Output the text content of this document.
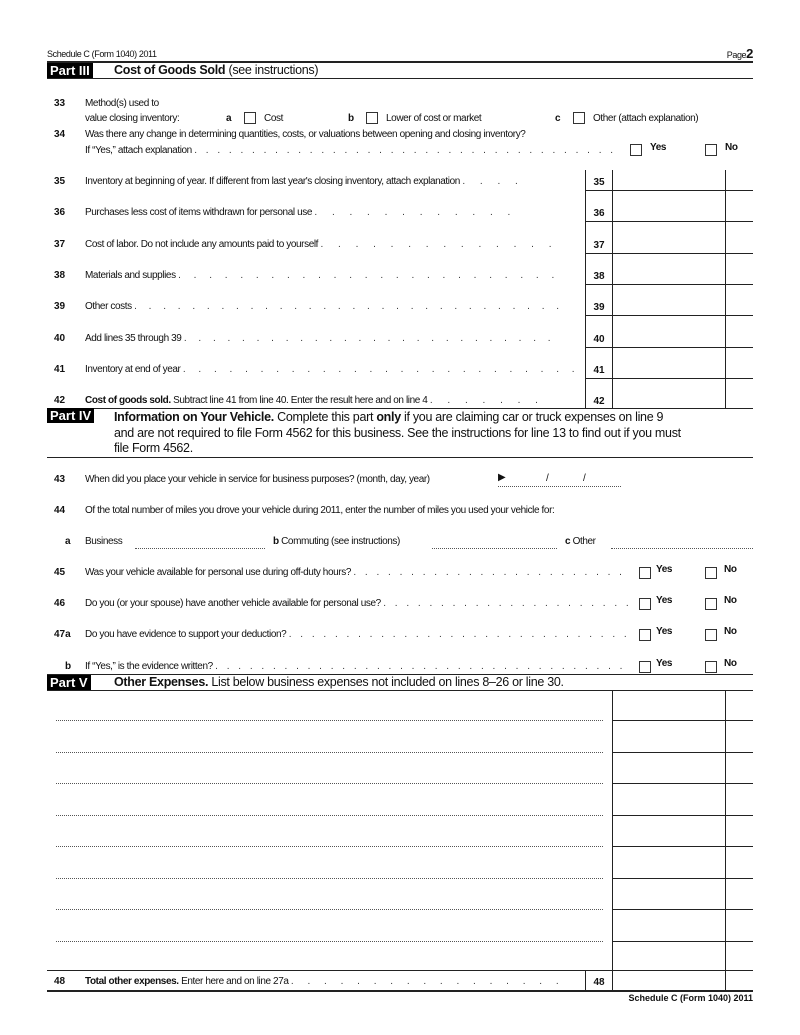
Schedule C (Form 1040) 2011	Page2
Part III Cost of Goods Sold (see instructions)
33 Method(s) used to
value closing inventory:	a	Cost	b	Lower of cost or market	c	Other (attach explanation)
34 Was there any change in determining quantities, costs, or valuations between opening and closing inventory?
If “Yes,” attach explanation . . . . . . . . . . . . . . . . . . . . . . . . . . . . . . . . . . . . .	Yes	No
Part IV Information on Your Vehicle. Complete this part only if you are claiming car or truck expenses on line 9
and are not required to file Form 4562 for this business. See the instructions for line 13 to find out if you must
file Form 4562.
43 When did you place your vehicle in service for business purposes? (month, day, year)	▶	/	/
44 Of the total number of miles you drove your vehicle during 2011, enter the number of miles you used your vehicle for:
a Business	b Commuting (see instructions)	c Other
Part V Other Expenses. List below business expenses not included on lines 8–26 or line 30.
48 Total other expenses. Enter here and on line 27a . . . . . . . . . . . . . . . . .	48
Schedule C (Form 1040) 2011
35 Inventory at beginning of year. If different from last year's closing inventory, attach explanation . . . .	35
36 Purchases less cost of items withdrawn for personal use . . . . . . . . . . . .	36
37 Cost of labor. Do not include any amounts paid to yourself . . . . . . . . . . . . . .	37
38 Materials and supplies . . . . . . . . . . . . . . . . . . . . . . . . .	38
39 Other costs . . . . . . . . . . . . . . . . . . . . . . . . . . . . . .	39
40 Add lines 35 through 39 . . . . . . . . . . . . . . . . . . . . . . . . . .	40
41 Inventory at end of year . . . . . . . . . . . . . . . . . . . . . . . . . .	41
42 Cost of goods sold. Subtract line 41 from line 40. Enter the result here and on line 4 . . . . . . .	42
45 Was your vehicle available for personal use during off-duty hours? . . . . . . . . . . . . . . . . . . . . . . . .	Yes	No
46 Do you (or your spouse) have another vehicle available for personal use? . . . . . . . . . . . . . . . . . . . . . . Yes	No
47a Do you have evidence to support your deduction? . . . . . . . . . . . . . . . . . . . . . . . . . . . . . .	Yes	No
b If “Yes,” is the evidence written? . . . . . . . . . . . . . . . . . . . . . . . . . . . . . . . . . . . .	Yes	No
